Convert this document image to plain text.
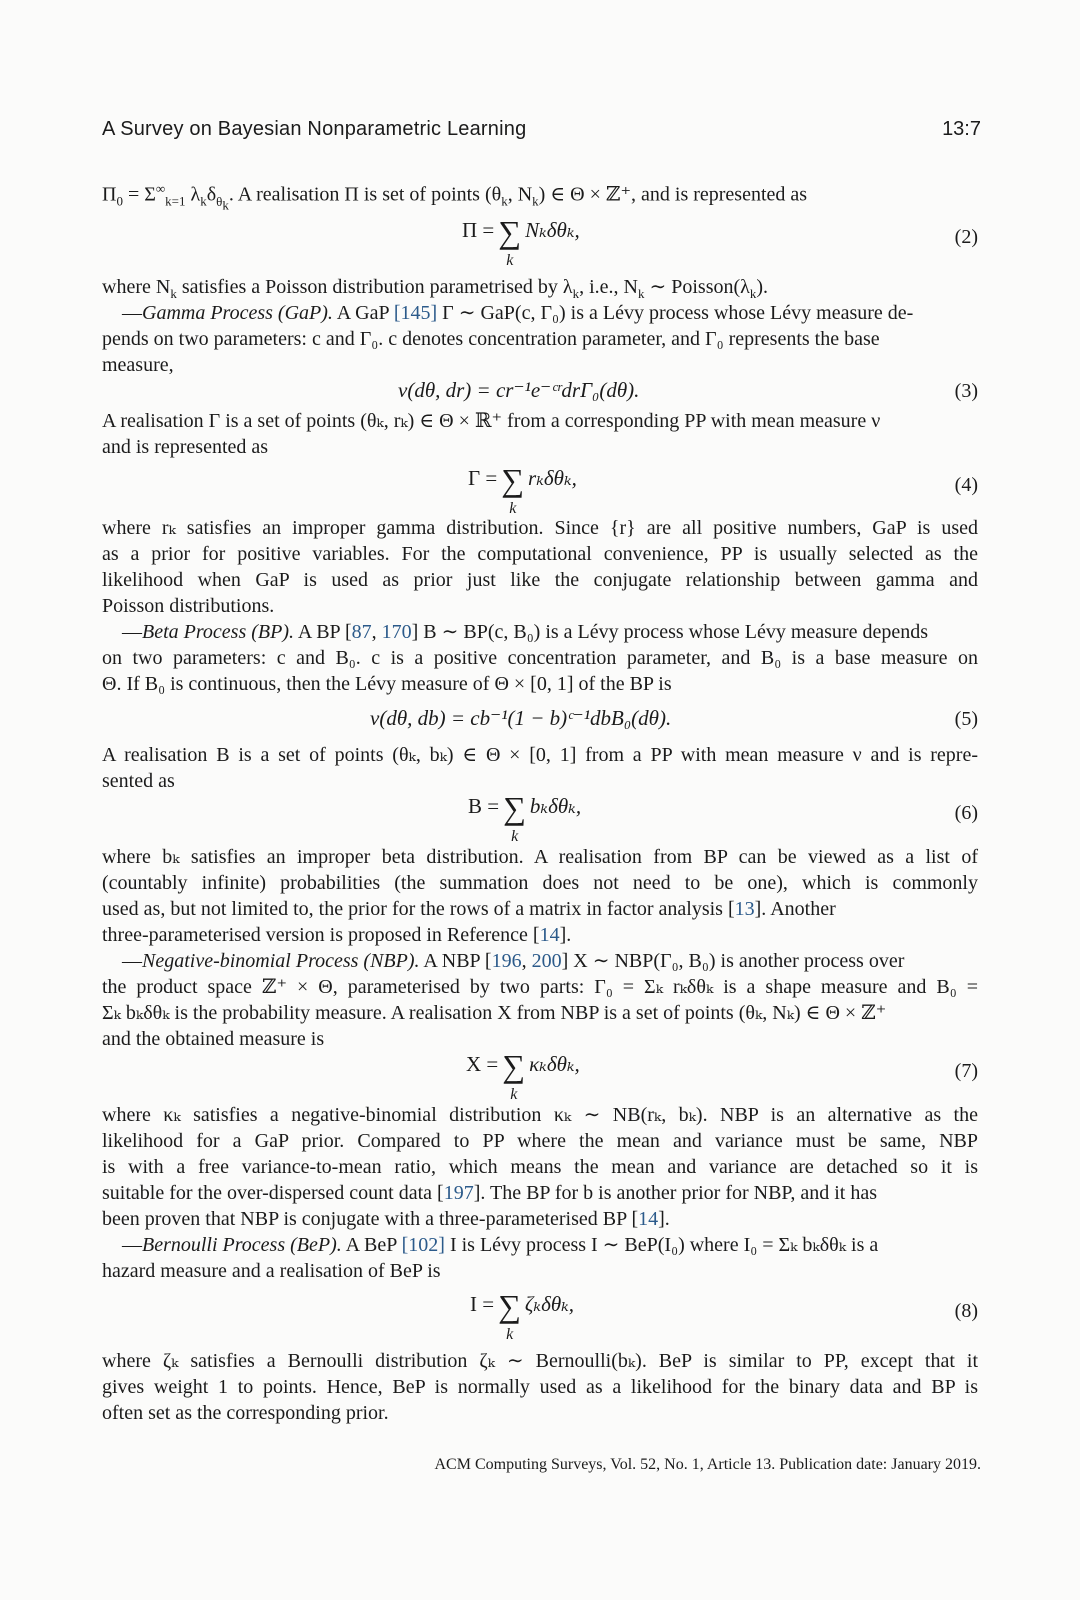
A Survey on Bayesian Nonparametric Learning	13:7
$\Pi_0 = \Sigma^\infty_{k=1}$ $\lambda_k\delta_{\theta_k}$. A realisation Π is set of points ($\theta_k$, $N_k$) ∈ Θ × ℤ⁺, and is represented as
Π = ∑
k
Nₖδθₖ,	(2)
where $N_k$ satisfies a Poisson distribution parametrised by $\lambda_k$, i.e., $N_k$ ∼ $Poisson(\lambda_k)$.
—Gamma Process (GaP). A GaP [145] Γ ∼ GaP(c, Γ₀) is a Lévy process whose Lévy measure de-
pends on two parameters: c and Γ₀. c denotes concentration parameter, and Γ₀ represents the base
measure,
ν(dθ, dr) = cr⁻¹e⁻ᶜʳdrΓ₀(dθ).	(3)
A realisation Γ is a set of points (θₖ, rₖ) ∈ Θ × ℝ⁺ from a corresponding PP with mean measure ν
and is represented as
Γ = ∑
k
rₖδθₖ,	(4)
where rₖ satisfies an improper gamma distribution. Since {r} are all positive numbers, GaP is used
as a prior for positive variables. For the computational convenience, PP is usually selected as the
likelihood when GaP is used as prior just like the conjugate relationship between gamma and
Poisson distributions.
—Beta Process (BP). A BP [87, 170] B ∼ BP(c, B₀) is a Lévy process whose Lévy measure depends
on two parameters: c and B₀. c is a positive concentration parameter, and B₀ is a base measure on
Θ. If B₀ is continuous, then the Lévy measure of Θ × [0, 1] of the BP is
ν(dθ, db) = cb⁻¹(1 − b)ᶜ⁻¹dbB₀(dθ).	(5)
A realisation B is a set of points (θₖ, bₖ) ∈ Θ × [0, 1] from a PP with mean measure ν and is repre-
sented as
B = ∑
k
bₖδθₖ,	(6)
where bₖ satisfies an improper beta distribution. A realisation from BP can be viewed as a list of
(countably infinite) probabilities (the summation does not need to be one), which is commonly
used as, but not limited to, the prior for the rows of a matrix in factor analysis [13]. Another
three-parameterised version is proposed in Reference [14].
—Negative-binomial Process (NBP). A NBP [196, 200] X ∼ NBP(Γ₀, B₀) is another process over
the product space ℤ⁺ × Θ, parameterised by two parts: Γ₀ = Σₖ rₖδθₖ is a shape measure and B₀ =
Σₖ bₖδθₖ is the probability measure. A realisation X from NBP is a set of points (θₖ, Nₖ) ∈ Θ × ℤ⁺
and the obtained measure is
X = ∑
k
κₖδθₖ,	(7)
where κₖ satisfies a negative-binomial distribution κₖ ∼ NB(rₖ, bₖ). NBP is an alternative as the
likelihood for a GaP prior. Compared to PP where the mean and variance must be same, NBP
is with a free variance-to-mean ratio, which means the mean and variance are detached so it is
suitable for the over-dispersed count data [197]. The BP for b is another prior for NBP, and it has
been proven that NBP is conjugate with a three-parameterised BP [14].
—Bernoulli Process (BeP). A BeP [102] I is Lévy process I ∼ BeP(I₀) where I₀ = Σₖ bₖδθₖ is a
hazard measure and a realisation of BeP is
I = ∑
k
ζₖδθₖ,	(8)
where ζₖ satisfies a Bernoulli distribution ζₖ ∼ Bernoulli(bₖ). BeP is similar to PP, except that it
gives weight 1 to points. Hence, BeP is normally used as a likelihood for the binary data and BP is
often set as the corresponding prior.
ACM Computing Surveys, Vol. 52, No. 1, Article 13. Publication date: January 2019.
